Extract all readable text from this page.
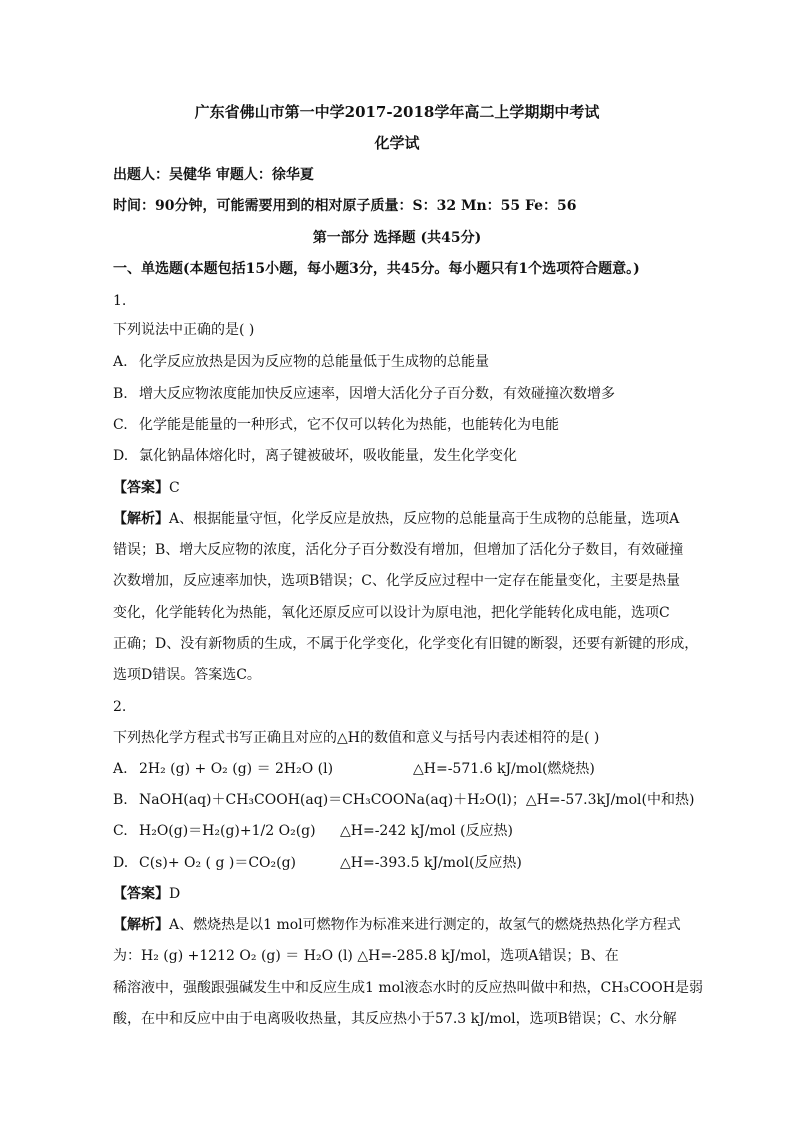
广东省佛山市第一中学2017-2018学年高二上学期期中考试
化学试
出题人：吴健华 审题人：徐华夏
时间：90分钟，可能需要用到的相对原子质量：S：32 Mn：55 Fe：56
第一部分 选择题 (共45分)
一、单选题(本题包括15小题，每小题3分，共45分。每小题只有1个选项符合题意。)
1.
下列说法中正确的是( )
A. 化学反应放热是因为反应物的总能量低于生成物的总能量
B. 增大反应物浓度能加快反应速率，因增大活化分子百分数，有效碰撞次数增多
C. 化学能是能量的一种形式，它不仅可以转化为热能，也能转化为电能
D. 氯化钠晶体熔化时，离子键被破坏，吸收能量，发生化学变化
【答案】C
【解析】A、根据能量守恒，化学反应是放热，反应物的总能量高于生成物的总能量，选项A
错误；B、增大反应物的浓度，活化分子百分数没有增加，但增加了活化分子数目，有效碰撞
次数增加，反应速率加快，选项B错误；C、化学反应过程中一定存在能量变化，主要是热量
变化，化学能转化为热能，氧化还原反应可以设计为原电池，把化学能转化成电能，选项C
正确；D、没有新物质的生成，不属于化学变化，化学变化有旧键的断裂，还要有新键的形成，
选项D错误。答案选C。
2.
下列热化学方程式书写正确且对应的△H的数值和意义与括号内表述相符的是( )
A. 2H₂ (g) + O₂ (g) ＝ 2H₂O (l)	△H=-571.6 kJ/mol(燃烧热)
B. NaOH(aq)＋CH₃COOH(aq)＝CH₃COONa(aq)＋H₂O(l)；△H=-57.3kJ/mol(中和热)
C. H₂O(g)＝H₂(g)+1/2 O₂(g) △H=-242 kJ/mol (反应热)
D. C(s)+ O₂ ( g )＝CO₂(g)	△H=-393.5 kJ/mol(反应热)
【答案】D
【解析】A、燃烧热是以1 mol可燃物作为标准来进行测定的，故氢气的燃烧热热化学方程式
为：H₂ (g) +1212 O₂ (g) ＝ H₂O (l) △H=-285.8 kJ/mol，选项A错误；B、在
稀溶液中，强酸跟强碱发生中和反应生成1 mol液态水时的反应热叫做中和热，CH₃COOH是弱
酸，在中和反应中由于电离吸收热量，其反应热小于57.3 kJ/mol，选项B错误；C、水分解
